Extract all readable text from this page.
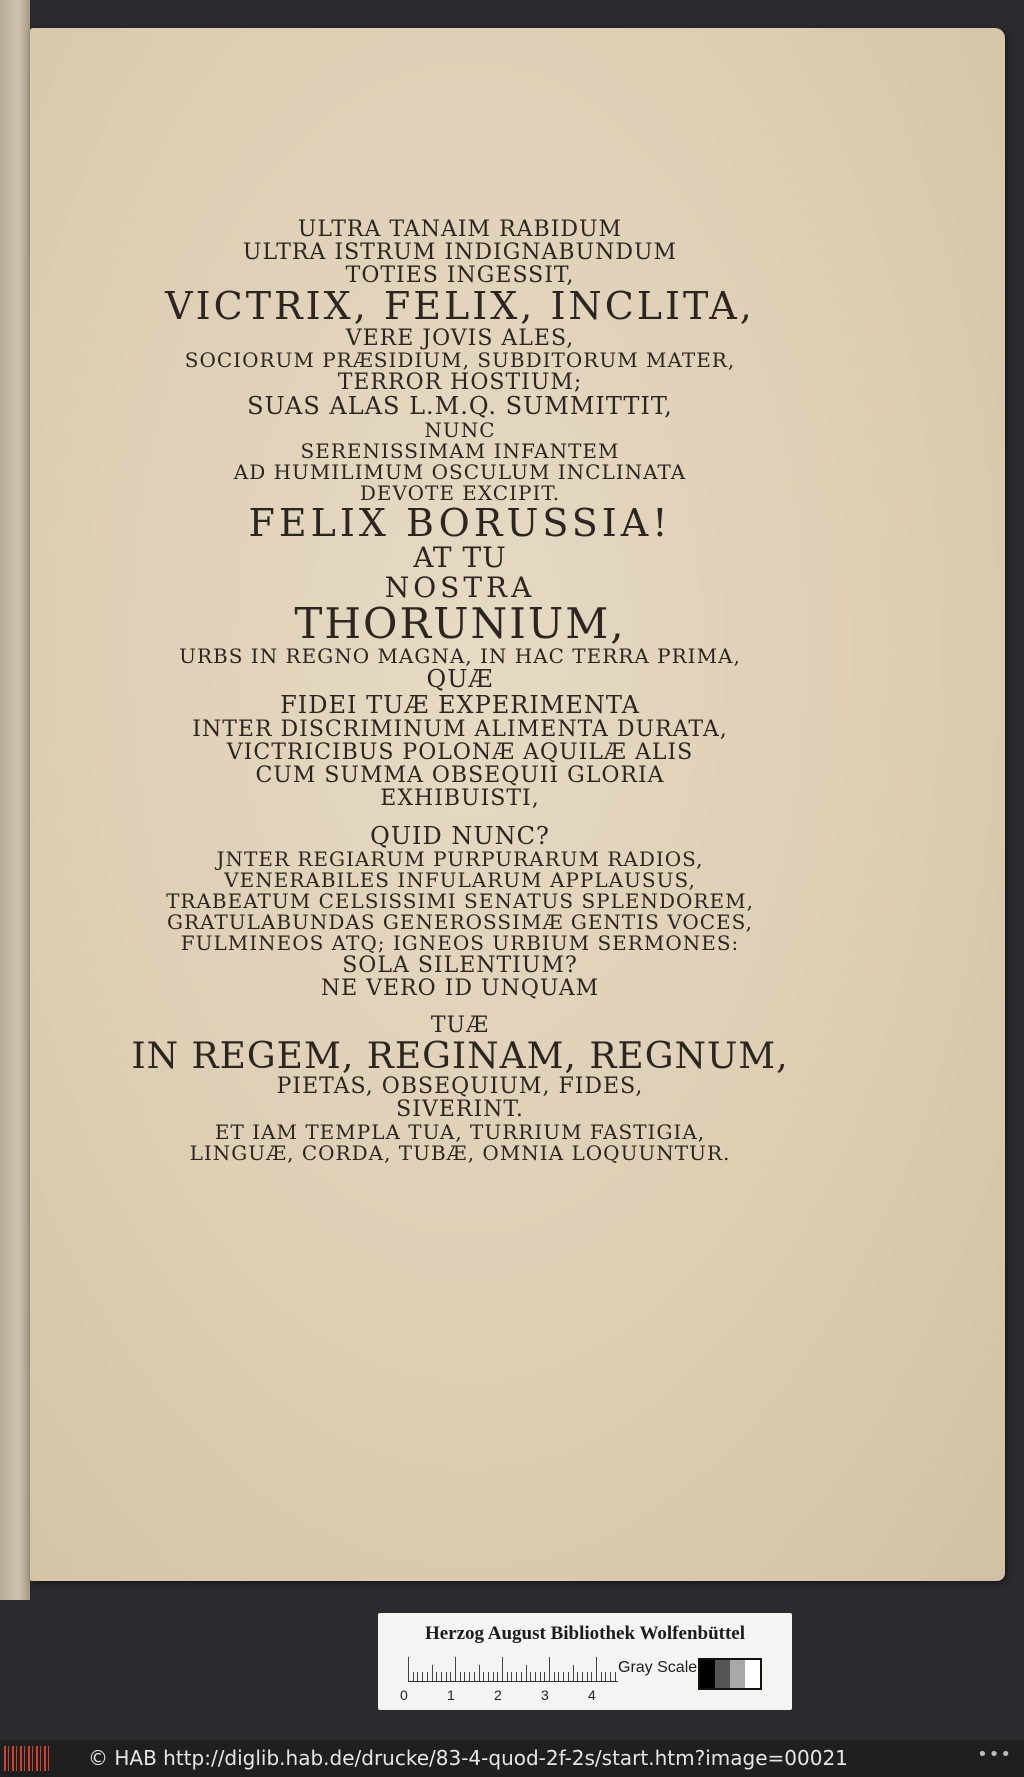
ULTRA TANAIM RABIDUM
ULTRA ISTRUM INDIGNABUNDUM
TOTIES INGESSIT,
VICTRIX, FELIX, INCLITA,
VERE JOVIS ALES,
SOCIORUM PRÆSIDIUM, SUBDITORUM MATER,
TERROR HOSTIUM;
SUAS ALAS L.M.Q. SUMMITTIT,
NUNC
SERENISSIMAM INFANTEM
AD HUMILIMUM OSCULUM INCLINATA
DEVOTE EXCIPIT.
FELIX BORUSSIA!
AT TU
NOSTRA
THORUNIUM,
URBS IN REGNO MAGNA, IN HAC TERRA PRIMA,
QUÆ
FIDEI TUÆ EXPERIMENTA
INTER DISCRIMINUM ALIMENTA DURATA,
VICTRICIBUS POLONÆ AQUILÆ ALIS
CUM SUMMA OBSEQUII GLORIA
EXHIBUISTI,
QUID NUNC?
JNTER REGIARUM PURPURARUM RADIOS,
VENERABILES INFULARUM APPLAUSUS,
TRABEATUM CELSISSIMI SENATUS SPLENDOREM,
GRATULABUNDAS GENEROSSIMÆ GENTIS VOCES,
FULMINEOS ATQ; IGNEOS URBIUM SERMONES:
SOLA SILENTIUM?
NE VERO ID UNQUAM
TUÆ
IN REGEM, REGINAM, REGNUM,
PIETAS, OBSEQUIUM, FIDES,
SIVERINT.
ET IAM TEMPLA TUA, TURRIUM FASTIGIA,
LINGUÆ, CORDA, TUBÆ, OMNIA LOQUUNTUR.
Herzog August Bibliothek Wolfenbüttel
0	1	2	3	4
Gray Scale
© HAB http://diglib.hab.de/drucke/83-4-quod-2f-2s/start.htm?image=00021	•••
